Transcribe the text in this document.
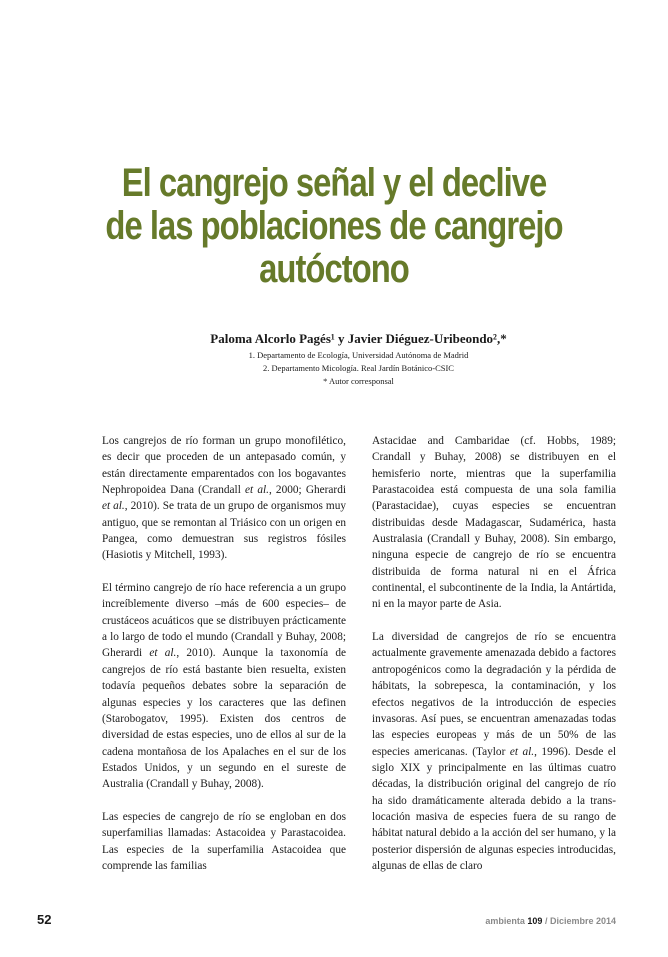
El cangrejo señal y el declive
de las poblaciones de cangrejo
autóctono
Paloma Alcorlo Pagés¹ y Javier Diéguez-Uribeondo²,*
1. Departamento de Ecología, Universidad Autónoma de Madrid
2. Departamento Micología. Real Jardín Botánico-CSIC
* Autor corresponsal

Los cangrejos de río forman un grupo monofilético, es decir que proceden de un antepasado común, y están directamente emparentados con los bogavantes Nephropoidea Dana (Crandall et al., 2000; Gherardi et al., 2010). Se trata de un grupo de organismos muy antiguo, que se remontan al Triásico con un origen en Pangea, como demuestran sus registros fósiles (Hasiotis y Mitchell, 1993).

El término cangrejo de río hace referencia a un grupo increíblemente diverso –más de 600 especies– de crustáceos acuáticos que se distribuyen prácticamente a lo largo de todo el mundo (Crandall y Buhay, 2008; Gherardi et al., 2010). Aunque la taxonomía de cangrejos de río está bastante bien resuelta, existen todavía pequeños debates sobre la separación de algunas especies y los caracteres que las definen (Starobogatov, 1995). Existen dos centros de diversidad de estas especies, uno de ellos al sur de la cadena montañosa de los Apalaches en el sur de los Estados Unidos, y un segundo en el sureste de Australia (Crandall y Buhay, 2008).

Las especies de cangrejo de río se engloban en dos superfamilias llamadas: Astacoidea y Parastacoidea. Las especies de la superfamilia Astacoidea que comprende las familias

Astacidae and Cambaridae (cf. Hobbs, 1989; Crandall y Buhay, 2008) se distribuyen en el hemisferio norte, mientras que la superfamilia Parastacoidea está compuesta de una sola familia (Parastacidae), cuyas especies se encuentran distribuidas desde Madagascar, Sudamérica, hasta Australasia (Crandall y Buhay, 2008). Sin embargo, ninguna especie de cangrejo de río se encuentra distribuida de forma natural ni en el África continental, el subcontinente de la India, la Antártida, ni en la mayor parte de Asia.

La diversidad de cangrejos de río se encuentra actualmente gravemente amenazada debido a factores antropogénicos como la degradación y la pérdida de hábitats, la sobrepesca, la contaminación, y los efectos negativos de la introducción de especies invasoras. Así pues, se encuentran amenazadas todas las especies europeas y más de un 50% de las especies americanas. (Taylor et al., 1996). Desde el siglo XIX y principalmente en las últimas cuatro décadas, la distribución original del cangrejo de río ha sido dramáticamente alterada debido a la translocación masiva de especies fuera de su rango de hábitat natural debido a la acción del ser humano, y la posterior dispersión de algunas especies introducidas, algunas de ellas de claro

52	ambienta 109 / Diciembre 2014
